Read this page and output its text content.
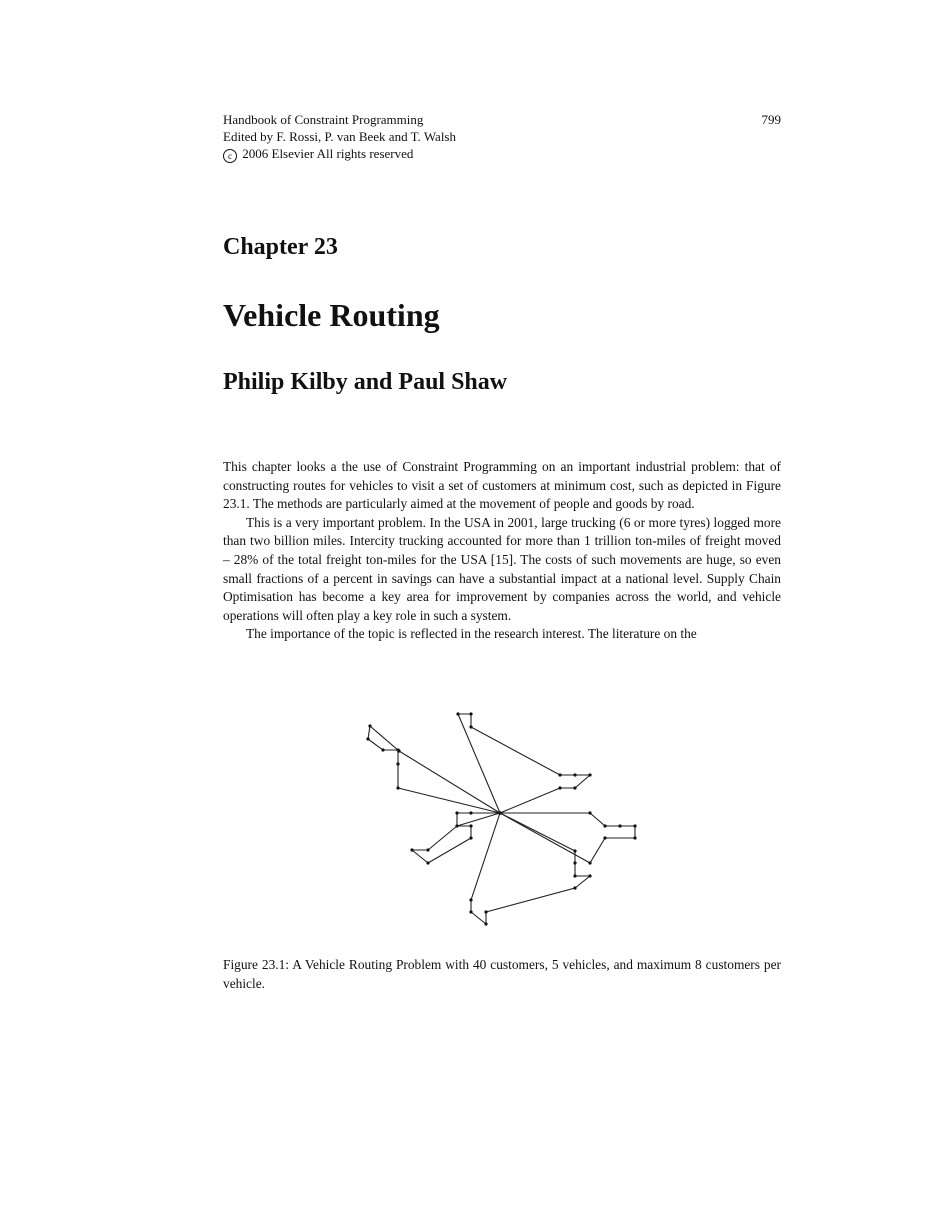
Handbook of Constraint Programming
Edited by F. Rossi, P. van Beek and T. Walsh
c 2006 Elsevier All rights reserved
799
Chapter 23
Vehicle Routing
Philip Kilby and Paul Shaw

This chapter looks a the use of Constraint Programming on an important industrial problem: that of constructing routes for vehicles to visit a set of customers at minimum cost, such as depicted in Figure 23.1. The methods are particularly aimed at the movement of people and goods by road.

This is a very important problem. In the USA in 2001, large trucking (6 or more tyres) logged more than two billion miles. Intercity trucking accounted for more than 1 trillion ton-miles of freight moved – 28% of the total freight ton-miles for the USA [15]. The costs of such movements are huge, so even small fractions of a percent in savings can have a substantial impact at a national level. Supply Chain Optimisation has become a key area for improvement by companies across the world, and vehicle operations will often play a key role in such a system.

The importance of the topic is reflected in the research interest. The literature on the

Figure 23.1: A Vehicle Routing Problem with 40 customers, 5 vehicles, and maximum 8 customers per vehicle.
